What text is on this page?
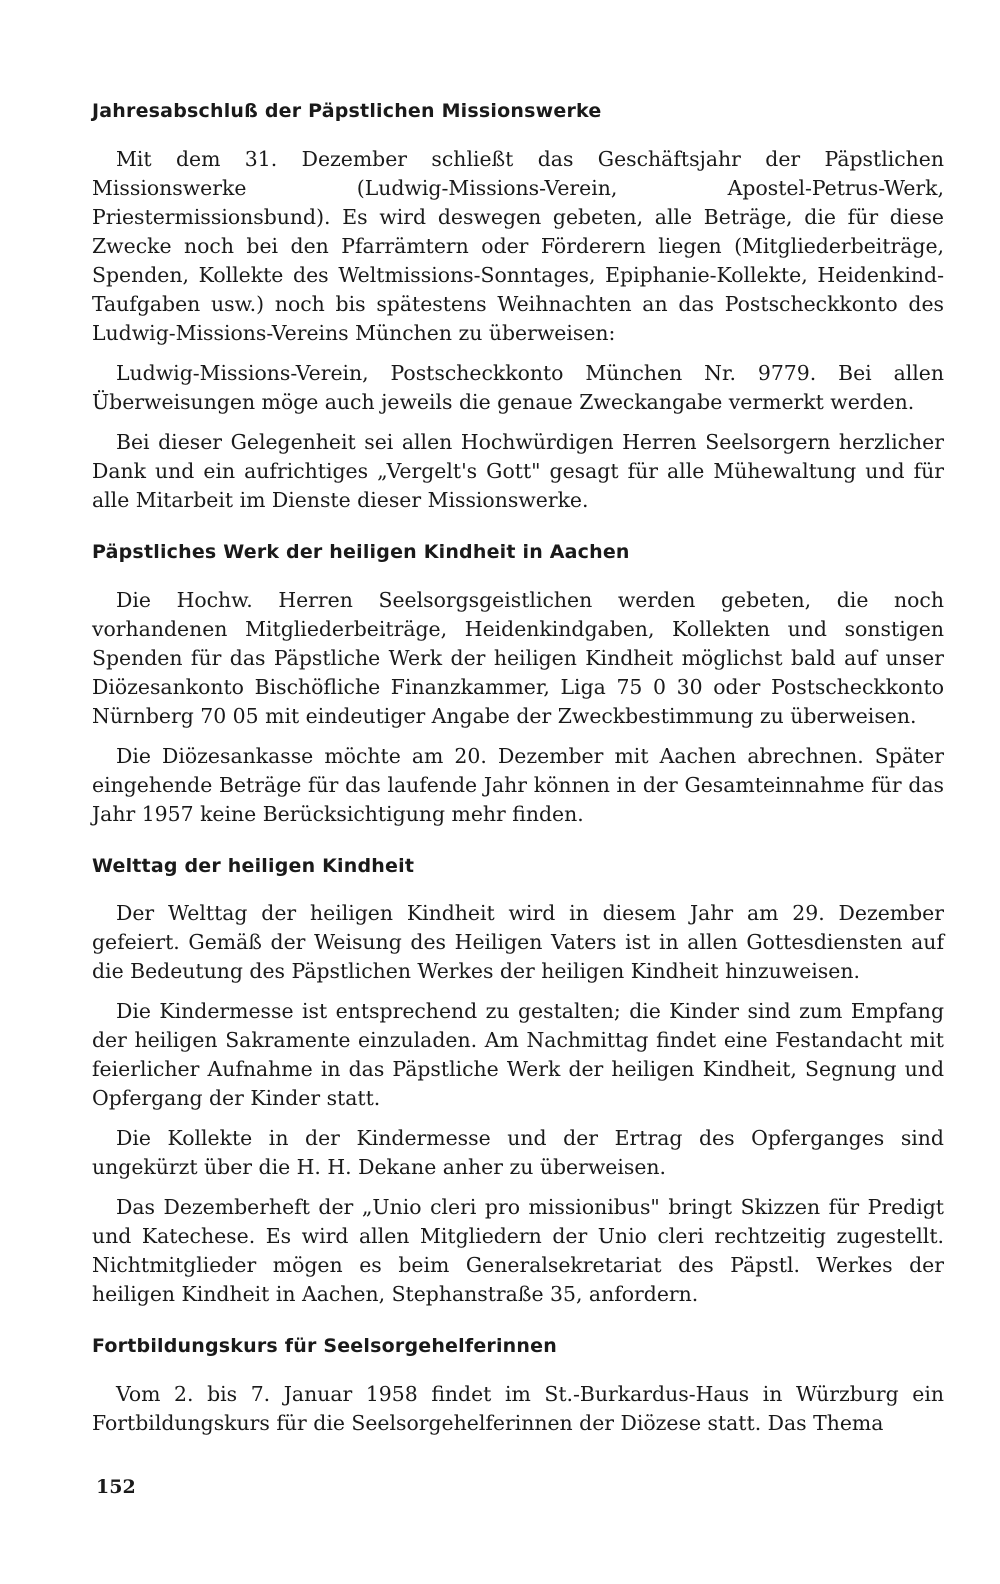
Jahresabschluß der Päpstlichen Missionswerke

Mit dem 31. Dezember schließt das Geschäftsjahr der Päpstlichen Missionswerke (Ludwig-Missions-Verein, Apostel-Petrus-Werk, Priestermissionsbund). Es wird deswegen gebeten, alle Beträge, die für diese Zwecke noch bei den Pfarrämtern oder Förderern liegen (Mitgliederbeiträge, Spenden, Kollekte des Weltmissions-Sonntages, Epiphanie-Kollekte, Heidenkind-Taufgaben usw.) noch bis spätestens Weihnachten an das Postscheckkonto des Ludwig-Missions-Vereins München zu überweisen:

Ludwig-Missions-Verein, Postscheckkonto München Nr. 9779. Bei allen Überweisungen möge auch jeweils die genaue Zweckangabe vermerkt werden.

Bei dieser Gelegenheit sei allen Hochwürdigen Herren Seelsorgern herzlicher Dank und ein aufrichtiges „Vergelt's Gott" gesagt für alle Mühewaltung und für alle Mitarbeit im Dienste dieser Missionswerke.

Päpstliches Werk der heiligen Kindheit in Aachen

Die Hochw. Herren Seelsorgsgeistlichen werden gebeten, die noch vorhandenen Mitgliederbeiträge, Heidenkindgaben, Kollekten und sonstigen Spenden für das Päpstliche Werk der heiligen Kindheit möglichst bald auf unser Diözesankonto Bischöfliche Finanzkammer, Liga 75 0 30 oder Postscheckkonto Nürnberg 70 05 mit eindeutiger Angabe der Zweckbestimmung zu überweisen.

Die Diözesankasse möchte am 20. Dezember mit Aachen abrechnen. Später eingehende Beträge für das laufende Jahr können in der Gesamteinnahme für das Jahr 1957 keine Berücksichtigung mehr finden.

Welttag der heiligen Kindheit

Der Welttag der heiligen Kindheit wird in diesem Jahr am 29. Dezember gefeiert. Gemäß der Weisung des Heiligen Vaters ist in allen Gottesdiensten auf die Bedeutung des Päpstlichen Werkes der heiligen Kindheit hinzuweisen.

Die Kindermesse ist entsprechend zu gestalten; die Kinder sind zum Empfang der heiligen Sakramente einzuladen. Am Nachmittag findet eine Festandacht mit feierlicher Aufnahme in das Päpstliche Werk der heiligen Kindheit, Segnung und Opfergang der Kinder statt.

Die Kollekte in der Kindermesse und der Ertrag des Opferganges sind ungekürzt über die H. H. Dekane anher zu überweisen.

Das Dezemberheft der „Unio cleri pro missionibus" bringt Skizzen für Predigt und Katechese. Es wird allen Mitgliedern der Unio cleri rechtzeitig zugestellt. Nichtmitglieder mögen es beim Generalsekretariat des Päpstl. Werkes der heiligen Kindheit in Aachen, Stephanstraße 35, anfordern.

Fortbildungskurs für Seelsorgehelferinnen

Vom 2. bis 7. Januar 1958 findet im St.-Burkardus-Haus in Würzburg ein Fortbildungskurs für die Seelsorgehelferinnen der Diözese statt. Das Thema

152
